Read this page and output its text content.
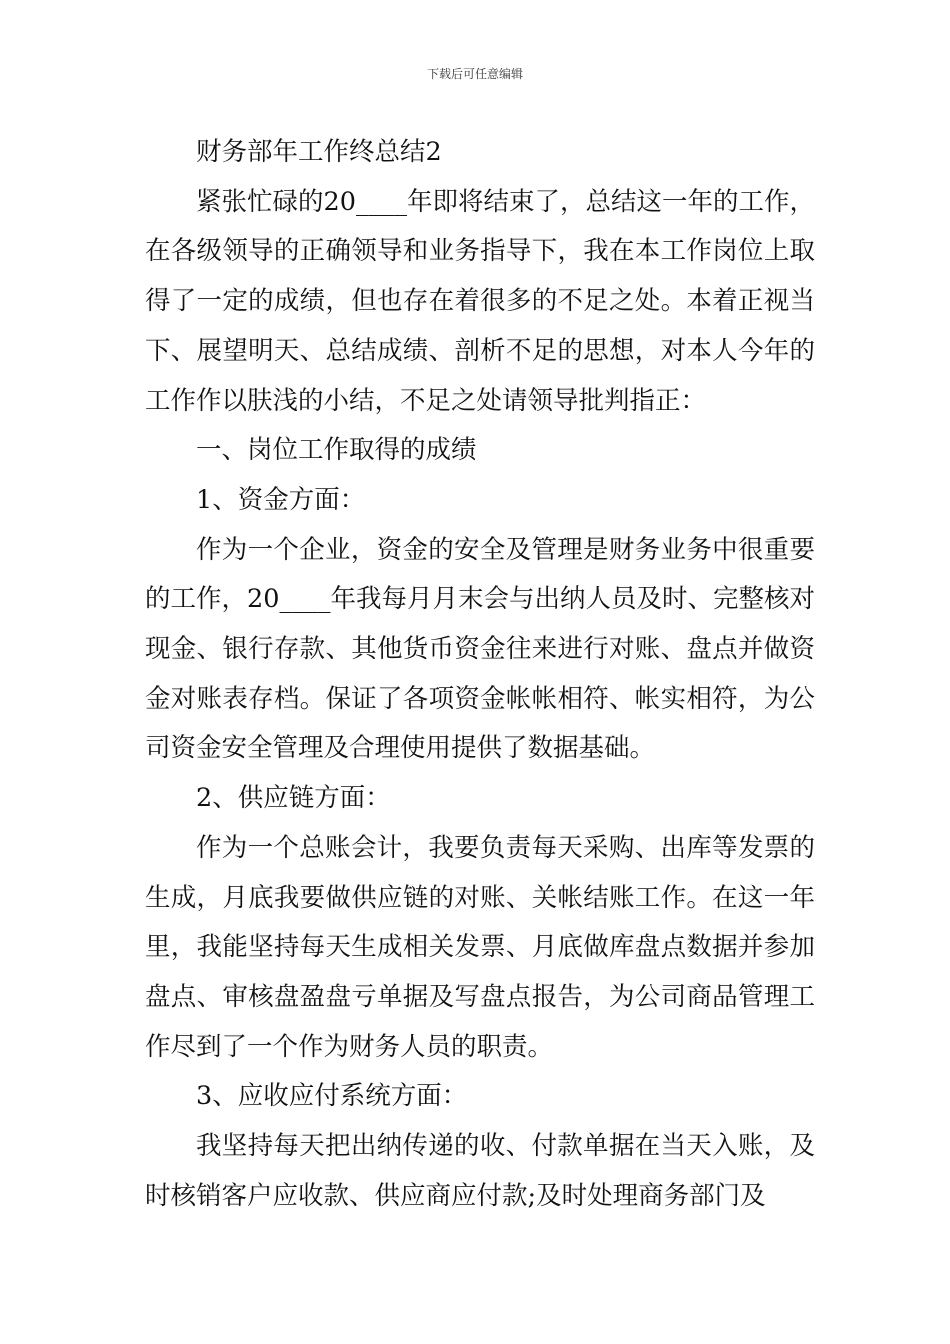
下载后可任意编辑

财务部年工作终总结2

紧张忙碌的20____年即将结束了，总结这一年的工作，在各级领导的正确领导和业务指导下，我在本工作岗位上取得了一定的成绩，但也存在着很多的不足之处。本着正视当下、展望明天、总结成绩、剖析不足的思想，对本人今年的工作作以肤浅的小结，不足之处请领导批判指正：

一、岗位工作取得的成绩

1、资金方面：

作为一个企业，资金的安全及管理是财务业务中很重要的工作，20____年我每月月末会与出纳人员及时、完整核对现金、银行存款、其他货币资金往来进行对账、盘点并做资金对账表存档。保证了各项资金帐帐相符、帐实相符，为公司资金安全管理及合理使用提供了数据基础。

2、供应链方面：

作为一个总账会计，我要负责每天采购、出库等发票的生成，月底我要做供应链的对账、关帐结账工作。在这一年里，我能坚持每天生成相关发票、月底做库盘点数据并参加盘点、审核盘盈盘亏单据及写盘点报告，为公司商品管理工作尽到了一个作为财务人员的职责。

3、应收应付系统方面：

我坚持每天把出纳传递的收、付款单据在当天入账，及时核销客户应收款、供应商应付款;及时处理商务部门及
